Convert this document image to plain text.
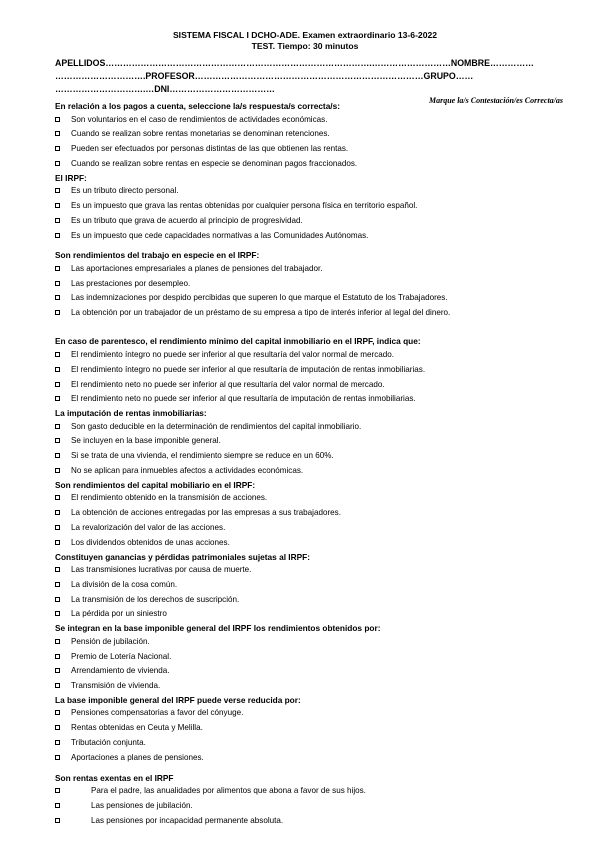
SISTEMA FISCAL I DCHO-ADE. Examen extraordinario 13-6-2022
TEST. Tiempo: 30 minutos
APELLIDOS……………………………………………………………………………….………………………NOMBRE……………
………………………….PROFESOR……………………………………………………………………GRUPO……
………………………….…DNI………………………………
Marque la/s Contestación/es Correcta/as
En relación a los pagos a cuenta, seleccione la/s respuesta/s correcta/s:
Son voluntarios en el caso de rendimientos de actividades económicas.
Cuando se realizan sobre rentas monetarias se denominan retenciones.
Pueden ser efectuados por personas distintas de las que obtienen las rentas.
Cuando se realizan sobre rentas en especie se denominan pagos fraccionados.
El IRPF:
Es un tributo directo personal.
Es un impuesto que grava las rentas obtenidas por cualquier persona física en territorio español.
Es un tributo que grava de acuerdo al principio de progresividad.
Es un impuesto que cede capacidades normativas a las Comunidades Autónomas.
Son rendimientos del trabajo en especie en el IRPF:
Las aportaciones empresariales a planes de pensiones del trabajador.
Las prestaciones por desempleo.
Las indemnizaciones por despido percibidas que superen lo que marque el Estatuto de los Trabajadores.
La obtención por un trabajador de un préstamo de su empresa a tipo de interés inferior al legal del dinero.
En caso de parentesco, el rendimiento mínimo del capital inmobiliario en el IRPF, indica que:
El rendimiento íntegro no puede ser inferior al que resultaría del valor normal de mercado.
El rendimiento íntegro no puede ser inferior al que resultaría de imputación de rentas inmobiliarias.
El rendimiento neto no puede ser inferior al que resultaría del valor normal de mercado.
El rendimiento neto no puede ser inferior al que resultaría de imputación de rentas inmobiliarias.
La imputación de rentas inmobiliarias:
Son gasto deducible en la determinación de rendimientos del capital inmobiliario.
Se incluyen en la base imponible general.
Si se trata de una vivienda, el rendimiento siempre se reduce en un 60%.
No se aplican para inmuebles afectos a actividades económicas.
Son rendimientos del capital mobiliario en el IRPF:
El rendimiento obtenido en la transmisión de acciones.
La obtención de acciones entregadas por las empresas a sus trabajadores.
La revalorización del valor de las acciones.
Los dividendos obtenidos de unas acciones.
Constituyen ganancias y pérdidas patrimoniales sujetas al IRPF:
Las transmisiones lucrativas por causa de muerte.
La división de la cosa común.
La transmisión de los derechos de suscripción.
La pérdida por un siniestro
Se integran en la base imponible general del IRPF los rendimientos obtenidos por:
Pensión de jubilación.
Premio de Lotería Nacional.
Arrendamiento de vivienda.
Transmisión de vivienda.
La base imponible general del IRPF puede verse reducida por:
Pensiones compensatorias a favor del cónyuge.
Rentas obtenidas en Ceuta y Melilla.
Tributación conjunta.
Aportaciones a planes de pensiones.
Son rentas exentas en el IRPF
Para el padre, las anualidades por alimentos que abona a favor de sus hijos.
Las pensiones de jubilación.
Las pensiones por incapacidad permanente absoluta.
